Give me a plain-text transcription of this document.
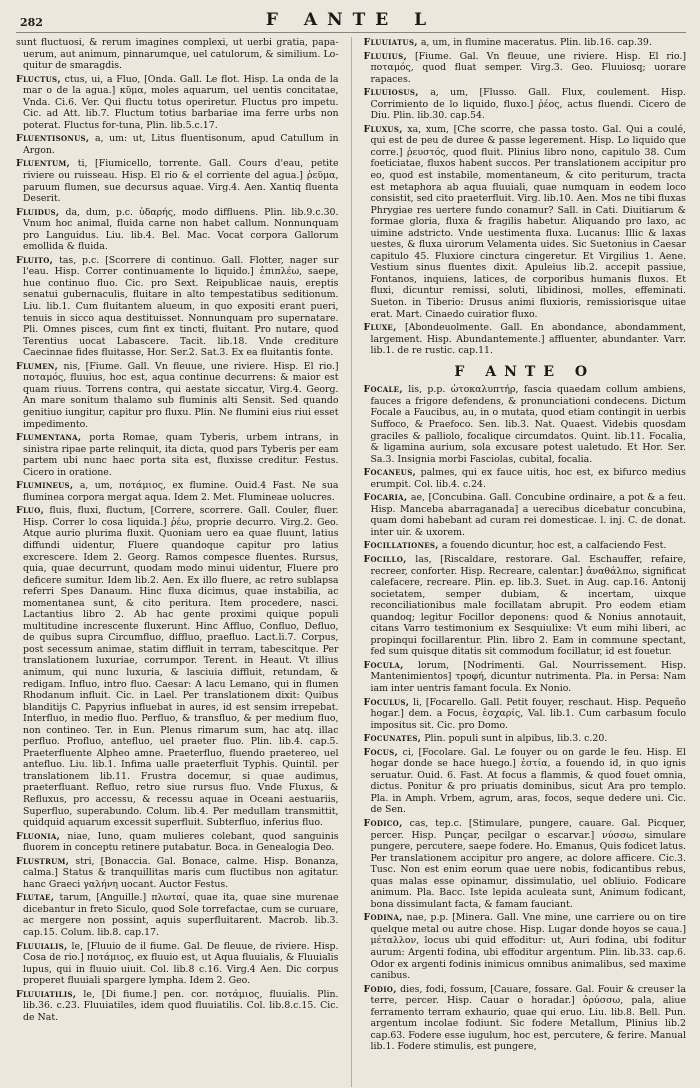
282	F ANTE L

sunt fluctuosi, & rerum imagines complexi, ut uerbi gratia, papa- uerum, aut animum, pinnarumque, uel catulorum, & similium. Lo- quitur de smaragdis.

Fluctus, ctus, ui, a Fluo, [Onda. Gall. Le flot. Hisp. La onda de la mar o de la agua.] κῦμα, moles aquarum, uel uentis concitatae, Vnda. Ci.6. Ver. Qui fluctu totus operiretur. Fluctus pro impetu. Cic. ad Att. lib.7. Fluctum totius barbariae ima ferre urbs non poterat. Fluctus for-tuna, Plin. lib.5.c.17.

Fluentisonus, a, um: ut, Litus fluentisonum, apud Catullum in Argon.

Fluentum, ti, [Fiumicello, torrente. Gall. Cours d'eau, petite riviere ou ruisseau. Hisp. El rio & el corriente del agua.] ῥεῦμα, paruum flumen, sue decursus aquae. Virg.4. Aen. Xantiq fluenta Deserit.

Fluidus, da, dum, p.c. ὑδαρής, modo diffluens. Plin. lib.9.c.30. Vnum hoc animal, fluida carne non habet callum. Nonnunquam pro Languidus. Liu. lib.4. Bel. Mac. Vocat corpora Gallorum emollida & fluida.

Fluito, tas, p.c. [Scorrere di continuo. Gall. Flotter, nager sur l'eau. Hisp. Correr continuamente lo liquido.] ἐπιπλέω, saepe, hue continuo fluo. Cic. pro Sext. Reipublicae nauis, ereptis senatui gubernaculis, fluitare in alto tempestatibus seditionum. Liu. lib.1. Cum fluitantem alueum, in quo expositi erant pueri, tenuis in sicco aqua destituisset. Nonnunquam pro supernatare. Pli. Omnes pisces, cum fint ex tincti, fluitant. Pro nutare, quod Terentius uocat Labascere. Tacit. lib.18. Vnde crediture Caecinnae fides fluitasse, Hor. Ser.2. Sat.3. Ex ea fluitantis fonte.

Flumen, nis, [Fiume. Gall. Vn fleuue, une riviere. Hisp. El rio.] ποταμός, fluuius, hoc est, aqua continue decurrens: & maior est quam riuus. Torrens contra, qui aestate siccatur, Virg.4. Georg. An mare sonitum thalamo sub fluminis alti Sensit. Sed quando genitiuo iungitur, capitur pro fluxu. Plin. Ne flumini eius riui esset impedimento.

Flumentana, porta Romae, quam Tyberis, urbem intrans, in sinistra ripae parte relinquit, ita dicta, quod pars Tyberis per eam partem ubi nunc haec porta sita est, fluxisse creditur. Festus. Cicero in oratione.

Flumineus, a, um, ποτάμιος, ex flumine. Ouid.4 Fast. Ne sua fluminea corpora mergat aqua. Idem 2. Met. Flumineae uolucres.

Fluo, fluis, fluxi, fluctum, [Correre, scorrere. Gall. Couler, fluer. Hisp. Correr lo cosa liquida.] ῥέω, proprie decurro. Virg.2. Geo. Atque aurio plurima fluxit. Quoniam uero ea quae fluunt, latius diffundi uidentur, Fluere quandoque capitur pro latius excrescere. Idem 2. Georg. Ramos compesce fluentes. Rursus, quia, quae decurrunt, quodam modo minui uidentur, Fluere pro deficere sumitur. Idem lib.2. Aen. Ex illo fluere, ac retro sublapsa referri Spes Danaum. Hinc fluxa dicimus, quae instabilia, ac momentanea sunt, & cito peritura. Item procedere, nasci. Lactantius libro 2. Ab hac gente proximi quique populi multitudine increscente fluxerunt. Hinc Affluo, Confluo, Defluo, de quibus supra Circumfluo, diffluo, praefluo. Lact.li.7. Corpus, post secessum animae, statim diffluit in terram, tabescitque. Per translationem luxuriae, corrumpor. Terent. in Heaut. Vt illius animum, qui nunc luxuria, & lasciuia diffluit, retundam, & redigam. Influo, intro fluo. Caesar: A lacu Lemano, qui in flumen Rhodanum influit. Cic. in Lael. Per translationem dixit: Quibus blanditijs C. Papyrius influebat in aures, id est sensim irrepebat. Interfluo, in medio fluo. Perfluo, & transfluo, & per medium fluo, non contineo. Ter. in Eun. Plenus rimarum sum, hac atq. illac perfluo. Profluo, antefluo, uel praeter fluo. Plin. lib.4. cap.5. Praeterfluente Alpheo amne. Praeterfluo, fluendo praetereo, uel antefluo. Liu. lib.1. Infima ualle praeterfluit Typhis. Quintil. per translationem lib.11. Frustra docemur, si quae audimus, praeterfluant. Refluo, retro siue rursus fluo. Vnde Fluxus, & Refluxus, pro accessu, & recessu aquae in Oceani aestuariis, Superfluo, superabundo. Colum. lib.4. Per medullam transmittit, quidquid aquarum excessit superfluit. Subterfluo, inferius fluo.

Fluonia, niae, Iuno, quam mulieres colebant, quod sanguinis fluorem in conceptu retinere putabatur. Boca. in Genealogia Deo.

Flustrum, stri, [Bonaccia. Gal. Bonace, calme. Hisp. Bonanza, calma.] Status & tranquillitas maris cum fluctibus non agitatur. hanc Graeci γαλήνη uocant. Auctor Festus.

Flutae, tarum, [Anguille.] πλωταί, quae ita, quae sine murenae dicebantur in freto Siculo, quod Sole torrefactae, cum se curuare, ac mergere non possint, aquis superfluitarent. Macrob. lib.3. cap.15. Colum. lib.8. cap.17.

Fluuialis, le, [Fluuio de il fiume. Gal. De fleuue, de riviere. Hisp. Cosa de rio.] ποτάμιος, ex fluuio est, ut Aqua fluuialis, & Fluuialis lupus, qui in fluuio uiuit. Col. lib.8 c.16. Virg.4 Aen. Dic corpus properet fluuiali spargere lympha. Idem 2. Geo.

Fluuiatilis, le, [Di fiume.] pen. cor. ποτάμιος, fluuialis. Plin. lib.36. c.23. Fluuiatiles, idem quod fluuiatilis. Col. lib.8.c.15. Cic. de Nat.

Fluuiatus, a, um, in flumine maceratus. Plin. lib.16. cap.39.

Fluuius, [Fiume. Gal. Vn fleuue, une riviere. Hisp. El rio.] ποταμός, quod fluat semper. Virg.3. Geo. Fluuiosq; uorare rapaces.

Fluuiosus, a, um, [Flusso. Gall. Flux, coulement. Hisp. Corrimiento de lo liquido, fluxo.] ῥέος, actus fluendi. Cicero de Diu. Plin. lib.30. cap.54.

Fluxus, xa, xum, [Che scorre, che passa tosto. Gal. Qui a coulé, qui est de peu de duree & passe legerement. Hisp. Lo liquido que corre.] ῥευστός, quod fluit. Plinius libro nono, capitulo 38. Cum foeticiatae, fluxos habent succos. Per translationem accipitur pro eo, quod est instabile, momentaneum, & cito periturum, tracta est metaphora ab aqua fluuiali, quae numquam in eodem loco consistit, sed cito praeterfluit. Virg. lib.10. Aen. Mos ne tibi fluxas Phrygiae res uertere fundo conamur? Sall. in Cati. Diuitiarum & formae gloria, fluxa & fragilis habetur. Aliquando pro laxo, ac uimine adstricto. Vnde uestimenta fluxa. Lucanus: Illic & laxas uestes, & fluxa uirorum Velamenta uides. Sic Suetonius in Caesar capitulo 45. Fluxiore cinctura cingeretur. Et Virgilius 1. Aene. Vestium sinus fluentes dixit. Apuleius lib.2. accepit passiue, Fontanos, inquiens, latices, de corporibus humanis fluxos. Et fluxi, dicuntur remissi, soluti, libidinosi, molles, effeminati. Sueton. in Tiberio: Drusus animi fluxioris, remissiorisque uitae erat. Mart. Cinaedo cuiratior fluxo.

Fluxe, [Abondeuolmente. Gall. En abondance, abondamment, largement. Hisp. Abundantemente.] affluenter, abundanter. Varr. lib.1. de re rustic. cap.11.

F ANTE O

Focale, lis, p.p. ὠτοκαλυπτήρ, fascia quaedam collum ambiens, fauces a frigore defendens, & pronunciationi condecens. Dictum Focale a Faucibus, au, in o mutata, quod etiam contingit in uerbis Suffoco, & Praefoco. Sen. lib.3. Nat. Quaest. Videbis quosdam graciles & palliolo, focalique circumdatos. Quint. lib.11. Focalia, & ligamina aurium, sola excusare potest ualetudo. Et Hor. Ser. Sa.3. Insignia morbi Fasciolas, cubital, focalia.

Focaneus, palmes, qui ex fauce uitis, hoc est, ex bifurco medius erumpit. Col. lib.4. c.24.

Focaria, ae, [Concubina. Gall. Concubine ordinaire, a pot & a feu. Hisp. Manceba abarraganada] a uerecibus dicebatur concubina, quam domi habebant ad curam rei domesticae. l. inj. C. de donat. inter uir. & uxorem.

Focillationes, a fouendo dicuntur, hoc est, a calfaciendo Fest.

Focillo, las, [Riscaldare, restorare. Gal. Eschauffer, refaire, recreer, conforter. Hisp. Recreare, calentar.] ἀναθάλπω, significat calefacere, recreare. Plin. ep. lib.3. Suet. in Aug. cap.16. Antonij societatem, semper dubiam, & incertam, uixque reconciliationibus male focillatam abrupit. Pro eodem etiam quandoq; legitur Focillor deponens: quod & Nonius annotauit, citans Varro testimonium ex Sesquiulixe: Vt eum mihi liberi, ac propinqui focillarentur. Plin. libro 2. Eam in commune spectant, fed sum quisque ditatis sit commodum focillatur, id est fouetur.

Focula, lorum, [Nodrimenti. Gal. Nourrissement. Hisp. Mantenimientos] τροφή, dicuntur nutrimenta. Pla. in Persa: Nam iam inter uentris famant focula. Ex Nonio.

Foculus, li, [Focarello. Gall. Petit fouyer, reschaut. Hisp. Pequeño hogar.] dem. a Focus, ἐσχαρίς, Val. lib.1. Cum carbasum foculo impositus sit. Cic. pro Domo.

Focunates, Plin. populi sunt in alpibus, lib.3. c.20.

Focus, ci, [Focolare. Gal. Le fouyer ou on garde le feu. Hisp. El hogar donde se hace huego.] ἑστία, a fouendo id, in quo ignis seruatur. Ouid. 6. Fast. At focus a flammis, & quod fouet omnia, dictus. Ponitur & pro priuatis dominibus, sicut Ara pro templo. Pla. in Amph. Vrbem, agrum, aras, focos, seque dedere uni. Cic. de Sen.

Fodico, cas, tep.c. [Stimulare, pungere, cauare. Gal. Picquer, percer. Hisp. Punçar, pecilgar o escarvar.] νύσσω, simulare pungere, percutere, saepe fodere. Ho. Emanus, Quis fodicet latus. Per translationem accipitur pro angere, ac dolore afficere. Cic.3. Tusc. Non est enim eorum quae uere nobis, fodicantibus rebus, quas malas esse opinamur, dissimulatio, uel obliuio. Fodicare animum. Pla. Bacc. Iste lepida aculeata sunt, Animum fodicant, bona dissimulant facta, & famam fauciant.

Fodina, nae, p.p. [Minera. Gall. Vne mine, une carriere ou on tire quelque metal ou autre chose. Hisp. Lugar donde hoyos se caua.] μέταλλον, locus ubi quid effoditur: ut, Auri fodina, ubi foditur aurum: Argenti fodina, ubi effoditur argentum. Plin. lib.33. cap.6. Odor ex argenti fodinis inimicus omnibus animalibus, sed maxime canibus.

Fodio, dies, fodi, fossum, [Cauare, fossare. Gal. Fouir & creuser la terre, percer. Hisp. Cauar o horadar.] ὀρύσσω, pala, aliue ferramento terram exhaurio, quae qui eruo. Liu. lib.8. Bell. Pun. argentum incolae fodiunt. Sic fodere Metallum, Plinius lib.2 cap.63. Fodere esse iugulum, hoc est, percutere, & ferire. Manual lib.1. Fodere stimulis, est pungere,
